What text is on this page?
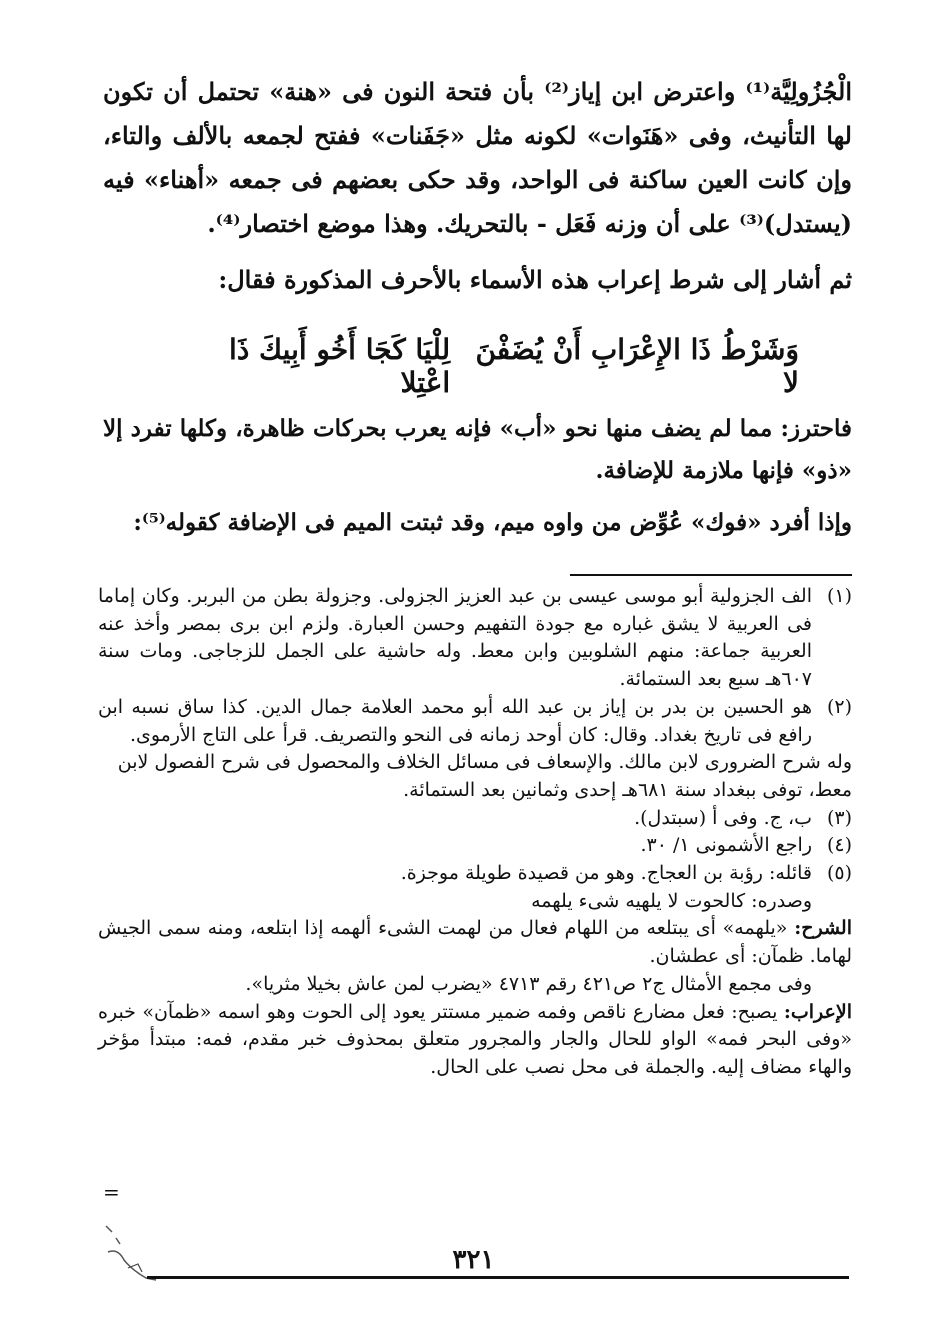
الْجُزُولِيَّة⁽¹⁾ واعترض ابن إياز⁽²⁾ بأن فتحة النون فى «هنة» تحتمل أن تكون لها التأنيث، وفى «هَنَوات» لكونه مثل «جَفَنات» ففتح لجمعه بالألف والتاء، وإن كانت العين ساكنة فى الواحد، وقد حكى بعضهم فى جمعه «أهناء» فيه (يستدل)⁽³⁾ على أن وزنه فَعَل - بالتحريك. وهذا موضع اختصار⁽⁴⁾.

ثم أشار إلى شرط إعراب هذه الأسماء بالأحرف المذكورة فقال:

وَشَرْطُ ذَا الإِعْرَابِ أَنْ يُضَفْنَ لا
لِلْيَا كَجَا أَخُو أَبِيكَ ذَا اعْتِلا

فاحترز: مما لم يضف منها نحو «أب» فإنه يعرب بحركات ظاهرة، وكلها تفرد إلا «ذو» فإنها ملازمة للإضافة.

وإذا أفرد «فوك» عُوِّض من واوه ميم، وقد ثبتت الميم فى الإضافة كقوله⁽⁵⁾:

(١)

الف الجزولية أبو موسى عيسى بن عبد العزيز الجزولى. وجزولة بطن من البربر. وكان إماما فى العربية لا يشق غباره مع جودة التفهيم وحسن العبارة. ولزم ابن برى بمصر وأخذ عنه العربية جماعة: منهم الشلوبين وابن معط. وله حاشية على الجمل للزجاجى. ومات سنة ٦٠٧هـ سبع بعد الستمائة.

(٢)

هو الحسين بن بدر بن إياز بن عبد الله أبو محمد العلامة جمال الدين. كذا ساق نسبه ابن رافع فى تاريخ بغداد. وقال: كان أوحد زمانه فى النحو والتصريف. قرأ على التاج الأرموى.

وله شرح الضرورى لابن مالك. والإسعاف فى مسائل الخلاف والمحصول فى شرح الفصول لابن معط، توفى ببغداد سنة ٦٨١هـ إحدى وثمانين بعد الستمائة.

(٣)

ب، ج. وفى أ (سبتدل).

(٤)

راجع الأشمونى ١/ ٣٠.

(٥)

قائله: رؤبة بن العجاج. وهو من قصيدة طويلة موجزة.

وصدره: كالحوت لا يلهيه شىء يلهمه

الشرح: «يلهمه» أى يبتلعه من اللهام فعال من لهمت الشىء ألهمه إذا ابتلعه، ومنه سمى الجيش لهاما. ظمآن: أى عطشان.

وفى مجمع الأمثال ج٢ ص٤٢١ رقم ٤٧١٣ «يضرب لمن عاش بخيلا مثريا».

الإعراب: يصبح: فعل مضارع ناقص وفمه ضمير مستتر يعود إلى الحوت وهو اسمه «ظمآن» خبره «وفى البحر فمه» الواو للحال والجار والمجرور متعلق بمحذوف خبر مقدم، فمه: مبتدأ مؤخر والهاء مضاف إليه. والجملة فى محل نصب على الحال.

=
٣٢١
